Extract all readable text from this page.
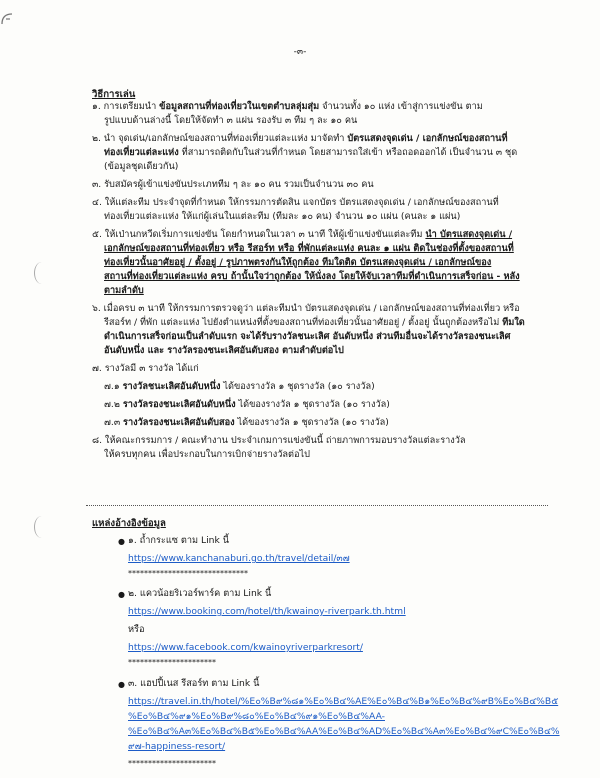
-๓-
วิธีการเล่น
๑. การเตรียมนำ ข้อมูลสถานที่ท่องเที่ยวในเขตตำบลลุ่มสุ่ม จำนวนทั้ง ๑๐ แห่ง เข้าสู่การแข่งขัน ตาม
รูปแบบด้านล่างนี้ โดยให้จัดทำ ๓ แผ่น รองรับ ๓ ทีม ๆ ละ ๑๐ คน
๒. นำ จุดเด่น/เอกลักษณ์ของสถานที่ท่องเที่ยวแต่ละแห่ง มาจัดทำ บัตรแสดงจุดเด่น / เอกลักษณ์ของสถานที่
ท่องเที่ยวแต่ละแห่ง ที่สามารถติดกับในส่วนที่กำหนด โดยสามารถใส่เข้า หรือถอดออกได้ เป็นจำนวน ๓ ชุด
(ข้อมูลชุดเดียวกัน)
๓. รับสมัครผู้เข้าแข่งขันประเภททีม ๆ ละ ๑๐ คน รวมเป็นจำนวน ๓๐ คน
๔. ให้แต่ละทีม ประจำจุดที่กำหนด ให้กรรมการตัดสิน แจกบัตร บัตรแสดงจุดเด่น / เอกลักษณ์ของสถานที่
ท่องเที่ยวแต่ละแห่ง ให้แก่ผู้เล่นในแต่ละทีม (ทีมละ ๑๐ คน) จำนวน ๑๐ แผ่น (คนละ ๑ แผ่น)
๕. ให้เป่านกหวีดเริ่มการแข่งขัน โดยกำหนดในเวลา ๓ นาที ให้ผู้เข้าแข่งขันแต่ละทีม นำ บัตรแสดงจุดเด่น /
เอกลักษณ์ของสถานที่ท่องเที่ยว หรือ รีสอร์ท หรือ ที่พักแต่ละแห่ง คนละ ๑ แผ่น ติดในช่องที่ตั้งของสถานที่
ท่องเที่ยวนั้นอาศัยอยู่ / ตั้งอยู่ / รูปภาพตรงกันให้ถูกต้อง ทีมใดติด บัตรแสดงจุดเด่น / เอกลักษณ์ของ
สถานที่ท่องเที่ยวแต่ละแห่ง ครบ ถ้านั้นใจว่าถูกต้อง ให้นั่งลง โดยให้จับเวลาทีมที่ดำเนินการเสร็จก่อน - หลัง
ตามลำดับ
๖. เมื่อครบ ๓ นาที ให้กรรมการตรวจดูว่า แต่ละทีมนำ บัตรแสดงจุดเด่น / เอกลักษณ์ของสถานที่ท่องเที่ยว หรือ
รีสอร์ท / ที่พัก แต่ละแห่ง ไปยังตำแหน่งที่ตั้งของสถานที่ท่องเที่ยวนั้นอาศัยอยู่ / ตั้งอยู่ นั้นถูกต้องหรือไม่ ทีมใด
ดำเนินการเสร็จก่อนเป็นลำดับแรก จะได้รับรางวัลชนะเลิศ อันดับหนึ่ง ส่วนทีมอื่นจะได้รางวัลรองชนะเลิศ
อันดับหนึ่ง และ รางวัลรองชนะเลิศอันดับสอง ตามลำดับต่อไป
๗. รางวัลมี ๓ รางวัล ได้แก่
๗.๑ รางวัลชนะเลิศอันดับหนึ่ง ได้ของรางวัล ๑ ชุดรางวัล (๑๐ รางวัล)
๗.๒ รางวัลรองชนะเลิศอันดับหนึ่ง ได้ของรางวัล ๑ ชุดรางวัล (๑๐ รางวัล)
๗.๓ รางวัลรองชนะเลิศอันดับสอง ได้ของรางวัล ๑ ชุดรางวัล (๑๐ รางวัล)
๘. ให้คณะกรรมการ / คณะทำงาน ประจำเกมการแข่งขันนี้ ถ่ายภาพการมอบรางวัลแต่ละรางวัล
ให้ครบทุกคน เพื่อประกอบในการเบิกจ่ายรางวัลต่อไป
แหล่งอ้างอิงข้อมูล
● ๑. ถ้ำกระแซ ตาม Link นี้
https://www.kanchanaburi.go.th/travel/detail/๓๗
******************************
● ๒. แควน้อยริเวอร์พาร์ค ตาม Link นี้
https://www.booking.com/hotel/th/kwainoy-riverpark.th.html
หรือ
https://www.facebook.com/kwainoyriverparkresort/
**********************
● ๓. แฮปปี้เนส รีสอร์ท ตาม Link นี้
https://travel.in.th/hotel/%E๐%B๙%๘๑%E๐%B๔%AE%E๐%B๔%B๑%E๐%B๔%๙B%E๐%B๔%B๕
%E๐%B๔%๙๑%E๐%B๙%๘๐%E๐%B๔%๙๑%E๐%B๔%AA-
%E๐%B๔%A๓%E๐%B๔%B๕%E๐%B๔%AA%E๐%B๔%AD%E๐%B๔%A๓%E๐%B๔%๙C%E๐%B๔%
๙๗-happiness-resort/
**********************
